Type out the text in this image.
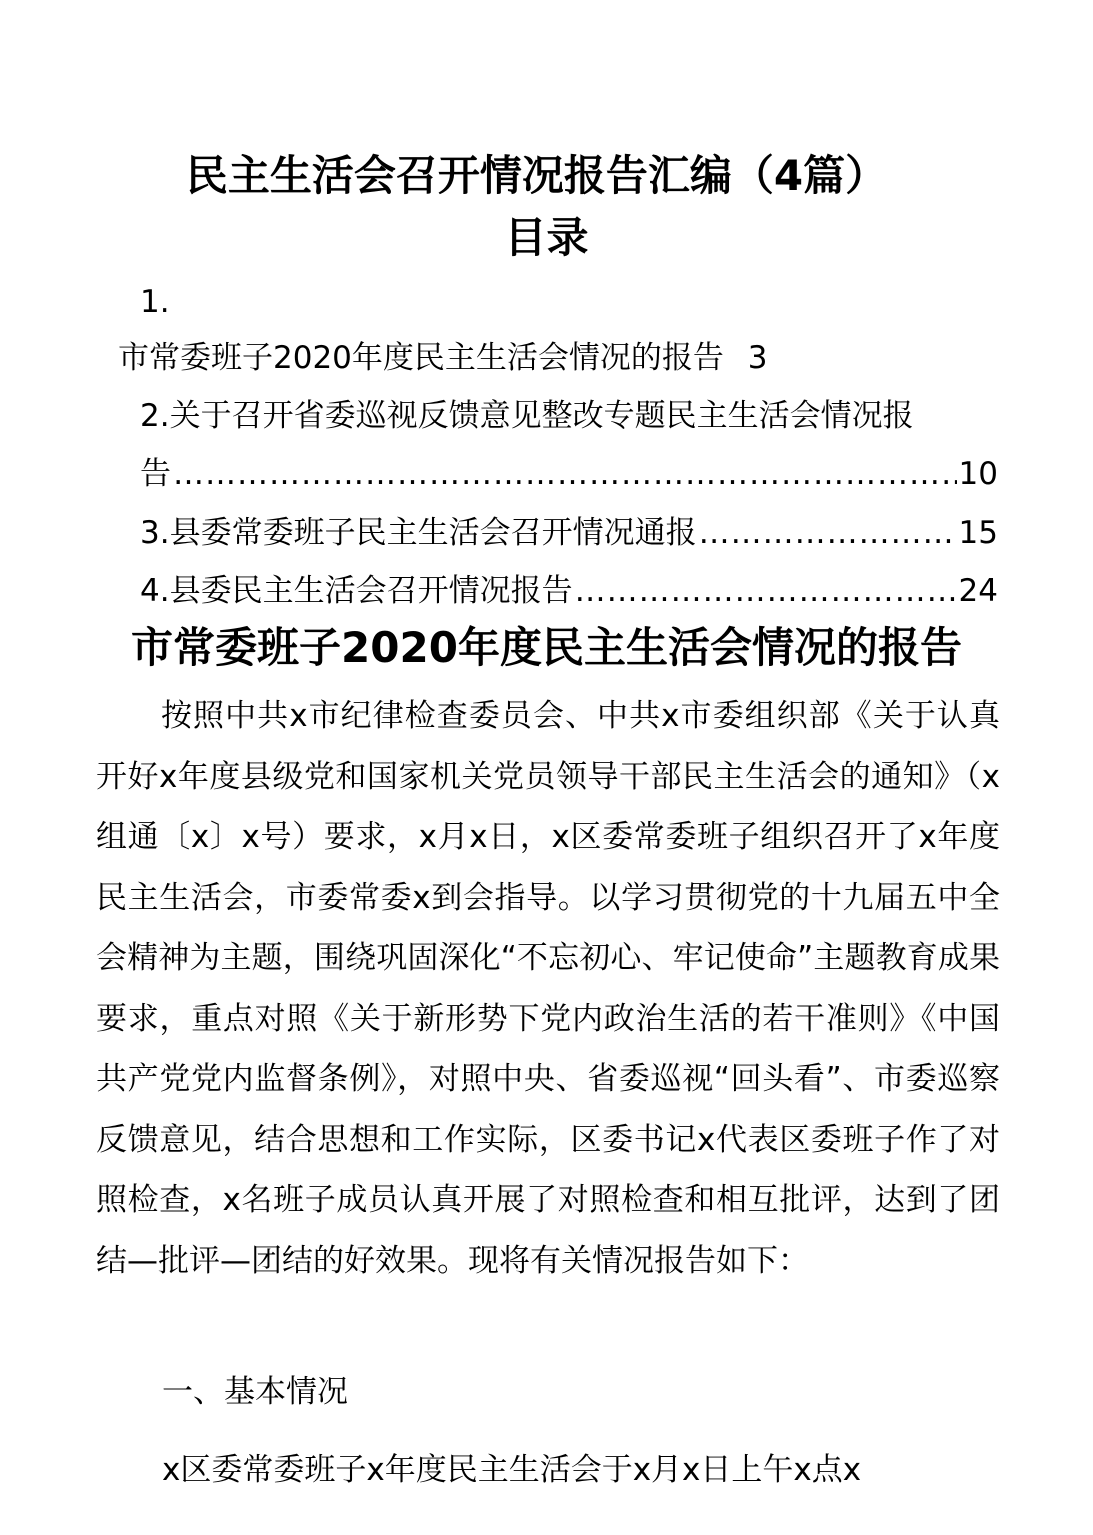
民主生活会召开情况报告汇编（4篇）
目录
1.
市常委班子2020年度民主生活会情况的报告 3
2.关于召开省委巡视反馈意见整改专题民主生活会情况报
告 ……………………………………………………………………………………………………………………………………………………	10
3.县委常委班子民主生活会召开情况通报 ……………………………………………………………………………………………………………………………………………………	15
4.县委民主生活会召开情况报告 ……………………………………………………………………………………………………………………………………………………	24
市常委班子2020年度民主生活会情况的报告

按照中共x市纪律检查委员会、中共x市委组织部《关于认真开好x年度县级党和国家机关党员领导干部民主生活会的通知》（x组通〔x〕x号）要求，x月x日，x区委常委班子组织召开了x年度民主生活会，市委常委x到会指导。以学习贯彻党的十九届五中全会精神为主题，围绕巩固深化“不忘初心、牢记使命”主题教育成果要求，重点对照《关于新形势下党内政治生活的若干准则》《中国共产党党内监督条例》，对照中央、省委巡视“回头看”、市委巡察反馈意见，结合思想和工作实际，区委书记x代表区委班子作了对照检查，x名班子成员认真开展了对照检查和相互批评，达到了团结—批评—团结的好效果。现将有关情况报告如下：

一、基本情况
x区委常委班子x年度民主生活会于x月x日上午x点x
